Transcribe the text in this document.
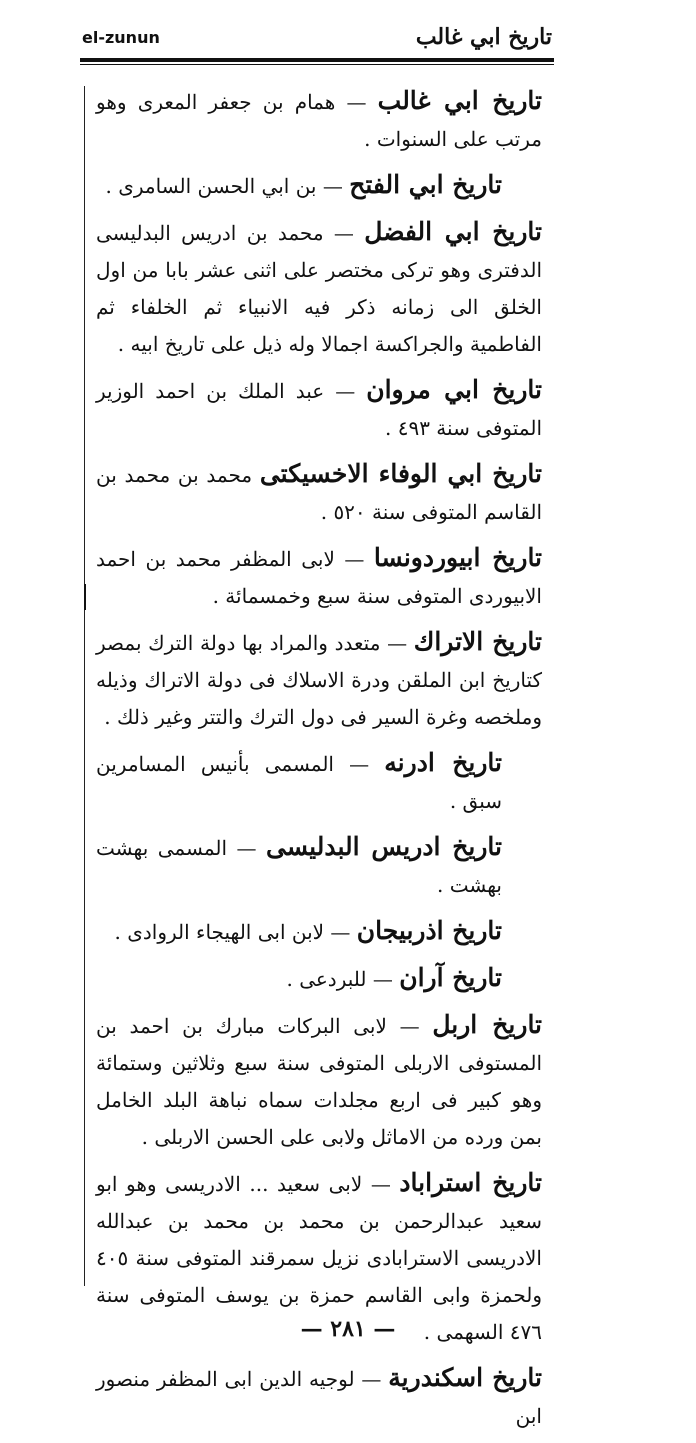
el-zunun	تاريخ ابي غالب

تاريخ ابي غالب — همام بن جعفر المعرى وهو مرتب على السنوات .

تاريخ ابي الفتح — بن ابي الحسن السامرى .

تاريخ ابي الفضل — محمد بن ادريس البدليسى الدفترى وهو تركى مختصر على اثنى عشر بابا من اول الخلق الى زمانه ذكر فيه الانبياء ثم الخلفاء ثم الفاطمية والجراكسة اجمالا وله ذيل على تاريخ ابيه .

تاريخ ابي مروان — عبد الملك بن احمد الوزير المتوفى سنة ٤٩٣ .

تاريخ ابي الوفاء الاخسيكتى محمد بن محمد بن القاسم المتوفى سنة ٥٢٠ .

تاريخ ابيوردونسا — لابى المظفر محمد بن احمد الابيوردى المتوفى سنة سبع وخمسمائة .

تاريخ الاتراك — متعدد والمراد بها دولة الترك بمصر كتاريخ ابن الملقن ودرة الاسلاك فى دولة الاتراك وذيله وملخصه وغرة السير فى دول الترك والتتر وغير ذلك .

تاريخ ادرنه — المسمى بأنيس المسامرين سبق .

تاريخ ادريس البدليسى — المسمى بهشت بهشت .

تاريخ اذربيجان — لابن ابى الهيجاء الروادى .

تاريخ آران — للبردعى .

تاريخ اربل — لابى البركات مبارك بن احمد بن المستوفى الاربلى المتوفى سنة سبع وثلاثين وستمائة وهو كبير فى اربع مجلدات سماه نباهة البلد الخامل بمن ورده من الاماثل ولابى على الحسن الاربلى .

تاريخ استراباد — لابى سعيد ... الادريسى وهو ابو سعيد عبدالرحمن بن محمد بن محمد بن عبدالله الادريسى الاسترابادى نزيل سمرقند المتوفى سنة ٤٠٥ ولحمزة وابى القاسم حمزة بن يوسف المتوفى سنة ٤٧٦ السهمى .

تاريخ اسكندرية — لوجيه الدين ابى المظفر منصور ابن

— ٢٨١ —
